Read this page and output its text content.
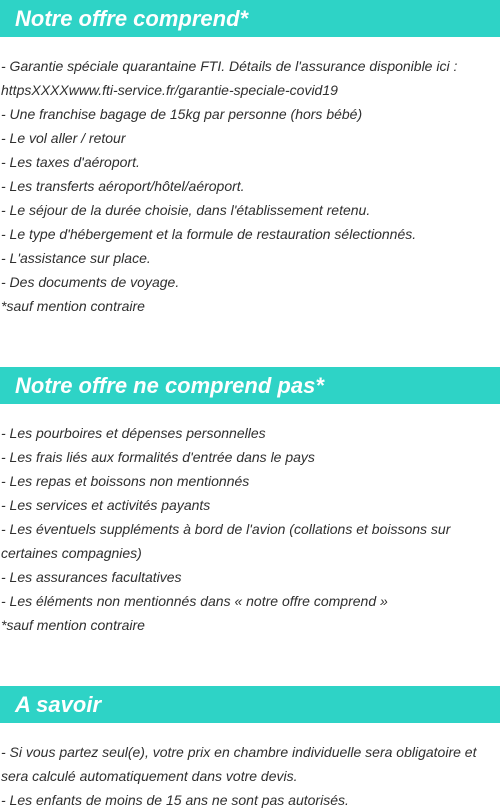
Notre offre comprend*
- Garantie spéciale quarantaine FTI. Détails de l'assurance disponible ici : httpsXXXXwww.fti-service.fr/garantie-speciale-covid19
- Une franchise bagage de 15kg par personne (hors bébé)
- Le vol aller / retour
- Les taxes d'aéroport.
- Les transferts aéroport/hôtel/aéroport.
- Le séjour de la durée choisie, dans l'établissement retenu.
- Le type d'hébergement et la formule de restauration sélectionnés.
- L'assistance sur place.
- Des documents de voyage.
*sauf mention contraire
Notre offre ne comprend pas*
- Les pourboires et dépenses personnelles
- Les frais liés aux formalités d'entrée dans le pays
- Les repas et boissons non mentionnés
- Les services et activités payants
- Les éventuels suppléments à bord de l'avion (collations et boissons sur certaines compagnies)
- Les assurances facultatives
- Les éléments non mentionnés dans « notre offre comprend »
*sauf mention contraire
A savoir
- Si vous partez seul(e), votre prix en chambre individuelle sera obligatoire et sera calculé automatiquement dans votre devis.
- Les enfants de moins de 15 ans ne sont pas autorisés.
